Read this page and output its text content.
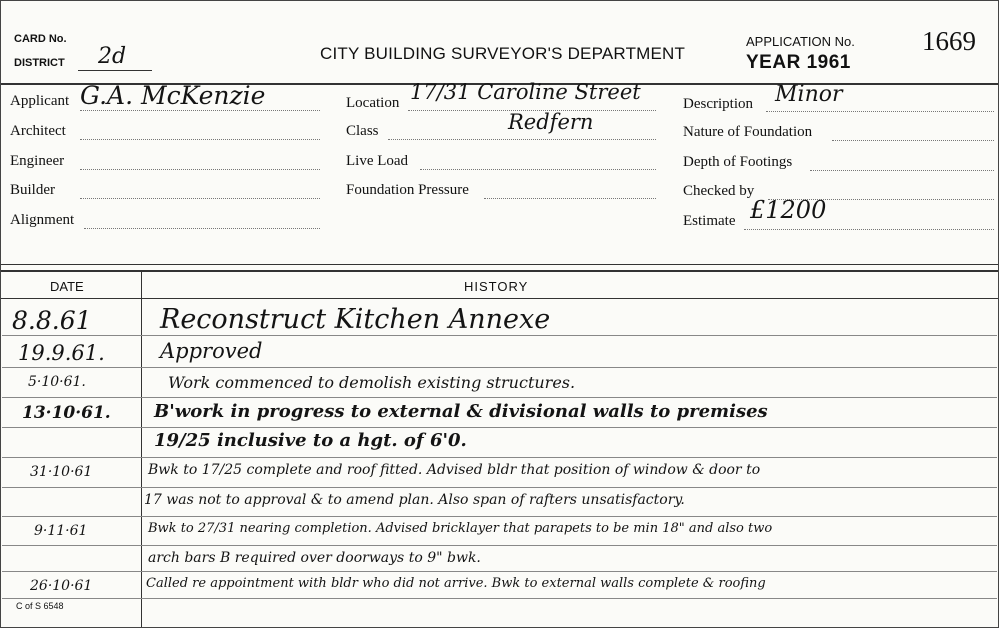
CARD No.
DISTRICT 2d	CITY BUILDING SURVEYOR'S DEPARTMENT
APPLICATION No. 1669
YEAR 1961
Applicant G.A. McKenzie
Architect
Engineer
Builder
Alignment
Location 17/31 Caroline Street
Class	Redfern
Live Load
Foundation Pressure
Description Minor
Nature of Foundation
Depth of Footings
Checked by
Estimate £1200
DATE	HISTORY
8.8.61	Reconstruct Kitchen Annexe
19.9.61.	Approved
5·10·61.	Work commenced to demolish existing structures.
13·10·61. B'work in progress to external & divisional walls to premises
19/25 inclusive to a hgt. of 6'0.
31·10·61	Bwk to 17/25 complete and roof fitted. Advised bldr that position of window & door to
17 was not to approval & to amend plan. Also span of rafters unsatisfactory.
9·11·61	Bwk to 27/31 nearing completion. Advised bricklayer that parapets to be min 18" and also two
arch bars B required over doorways to 9" bwk.
26·10·61	Called re appointment with bldr who did not arrive. Bwk to external walls complete & roofing
C of S 6548
